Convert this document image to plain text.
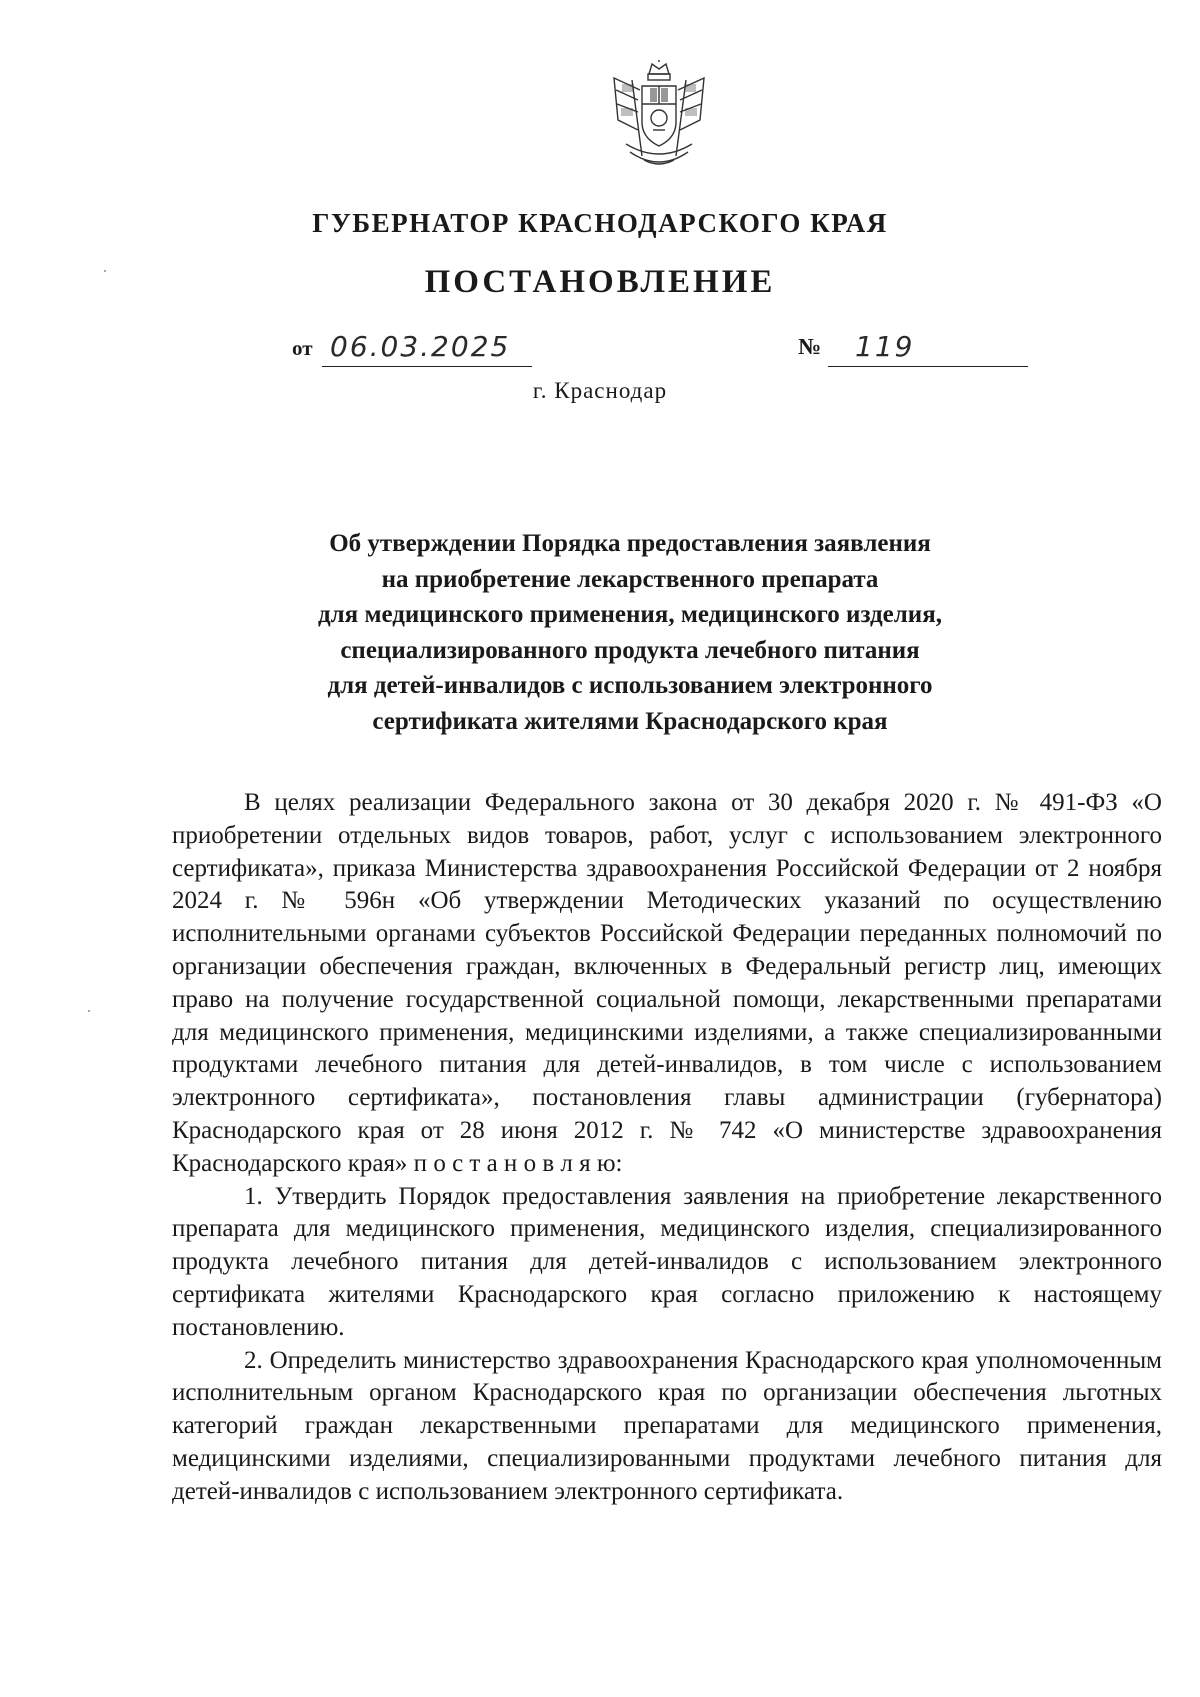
ГУБЕРНАТОР КРАСНОДАРСКОГО КРАЯ
ПОСТАНОВЛЕНИЕ
от 06.03.2025	№ 119
г. Краснодар
Об утверждении Порядка предоставления заявления
на приобретение лекарственного препарата
для медицинского применения, медицинского изделия,
специализированного продукта лечебного питания
для детей-инвалидов с использованием электронного
сертификата жителями Краснодарского края

В целях реализации Федерального закона от 30 декабря 2020 г. № 491-ФЗ «О приобретении отдельных видов товаров, работ, услуг с использованием электронного сертификата», приказа Министерства здравоохранения Российской Федерации от 2 ноября 2024 г. № 596н «Об утверждении Методических указаний по осуществлению исполнительными органами субъектов Российской Федерации переданных полномочий по организации обеспечения граждан, включенных в Федеральный регистр лиц, имеющих право на получение государственной социальной помощи, лекарственными препаратами для медицинского применения, медицинскими изделиями, а также специализированными продуктами лечебного питания для детей-инвалидов, в том числе с использованием электронного сертификата», постановления главы администрации (губернатора) Краснодарского края от 28 июня 2012 г. № 742 «О министерстве здравоохранения Краснодарского края» п о с т а н о в л я ю:

1. Утвердить Порядок предоставления заявления на приобретение лекарственного препарата для медицинского применения, медицинского изделия, специализированного продукта лечебного питания для детей-инвалидов с использованием электронного сертификата жителями Краснодарского края согласно приложению к настоящему постановлению.

2. Определить министерство здравоохранения Краснодарского края уполномоченным исполнительным органом Краснодарского края по организации обеспечения льготных категорий граждан лекарственными препаратами для медицинского применения, медицинскими изделиями, специализированными продуктами лечебного питания для детей-инвалидов с использованием электронного сертификата.
